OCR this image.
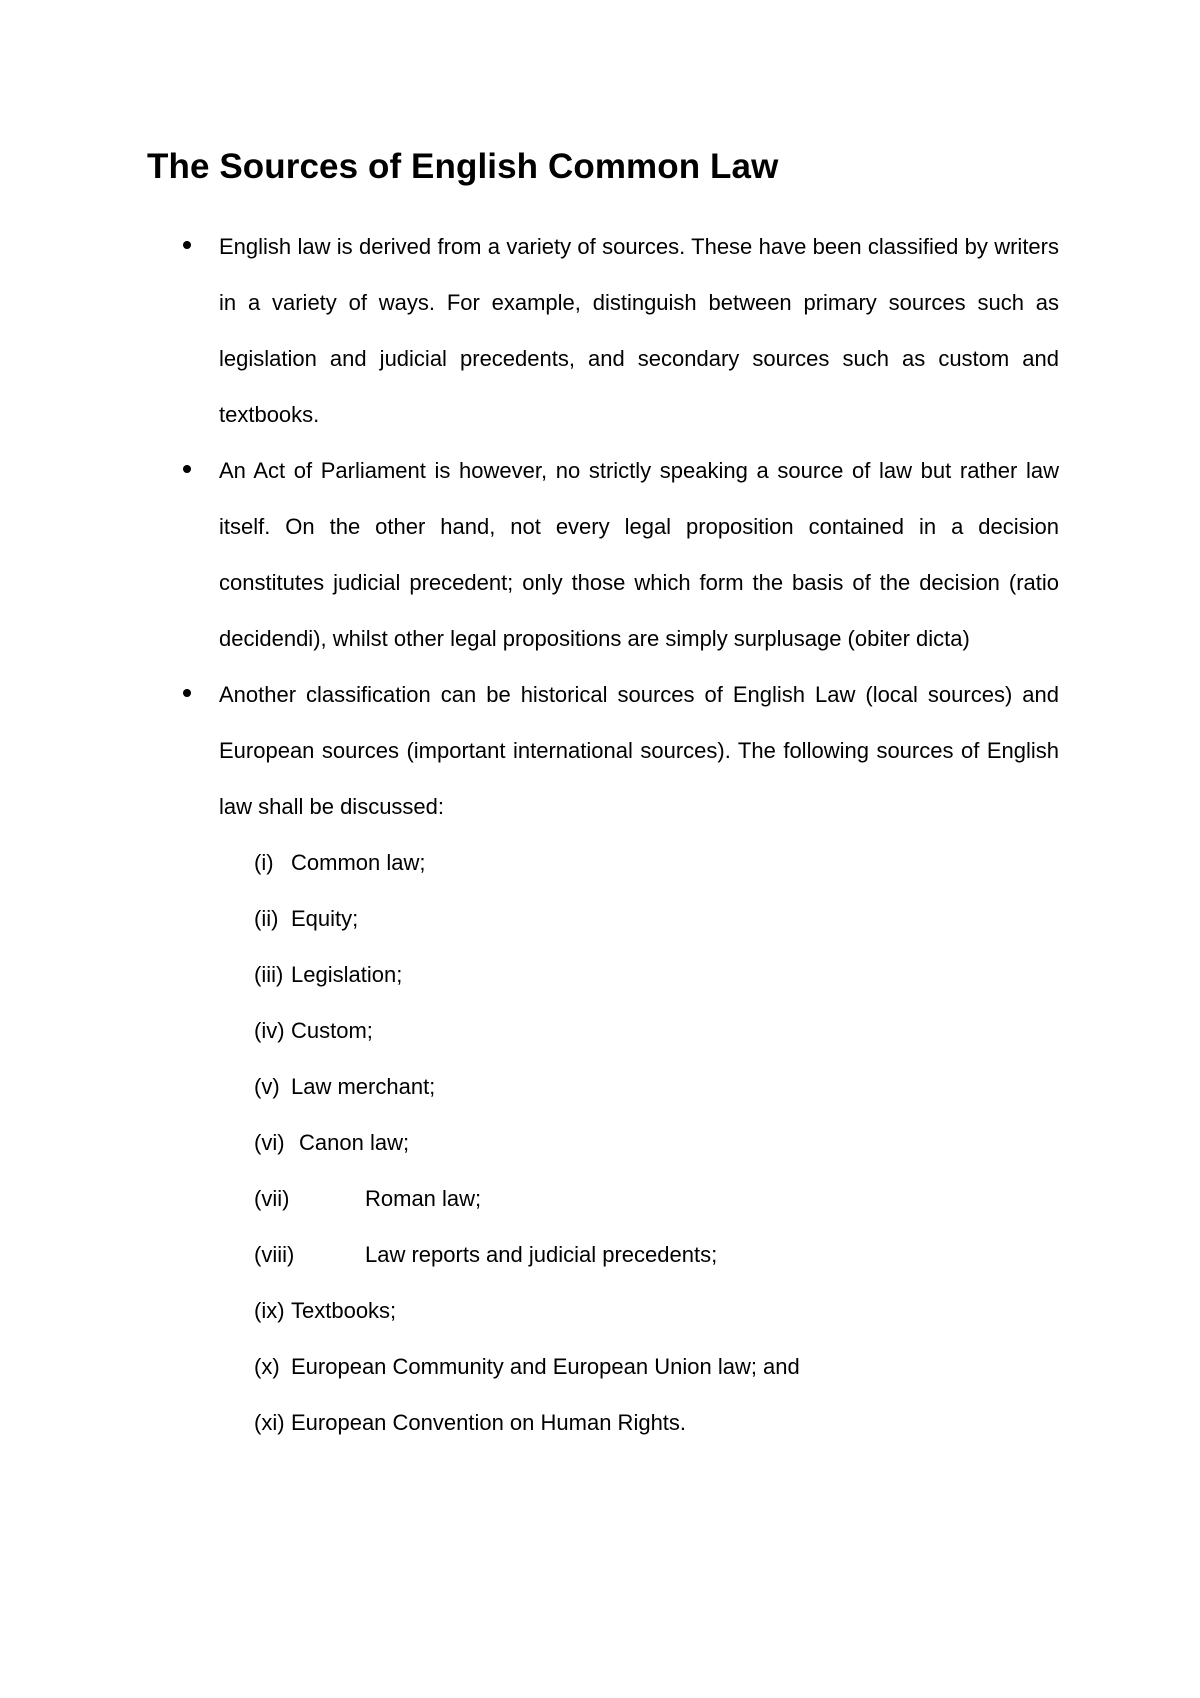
The Sources of English Common Law

English law is derived from a variety of sources. These have been classified by writers in a variety of ways. For example, distinguish between primary sources such as legislation and judicial precedents, and secondary sources such as custom and textbooks.

An Act of Parliament is however, no strictly speaking a source of law but rather law itself. On the other hand, not every legal proposition contained in a decision constitutes judicial precedent; only those which form the basis of the decision (ratio decidendi), whilst other legal propositions are simply surplusage (obiter dicta)

Another classification can be historical sources of English Law (local sources) and European sources (important international sources). The following sources of English law shall be discussed:

(i) Common law;
(ii) Equity;
(iii) Legislation;
(iv) Custom;
(v) Law merchant;
(vi) Canon law;
(vii)	Roman law;
(viii)	Law reports and judicial precedents;
(ix) Textbooks;
(x) European Community and European Union law; and
(xi) European Convention on Human Rights.
